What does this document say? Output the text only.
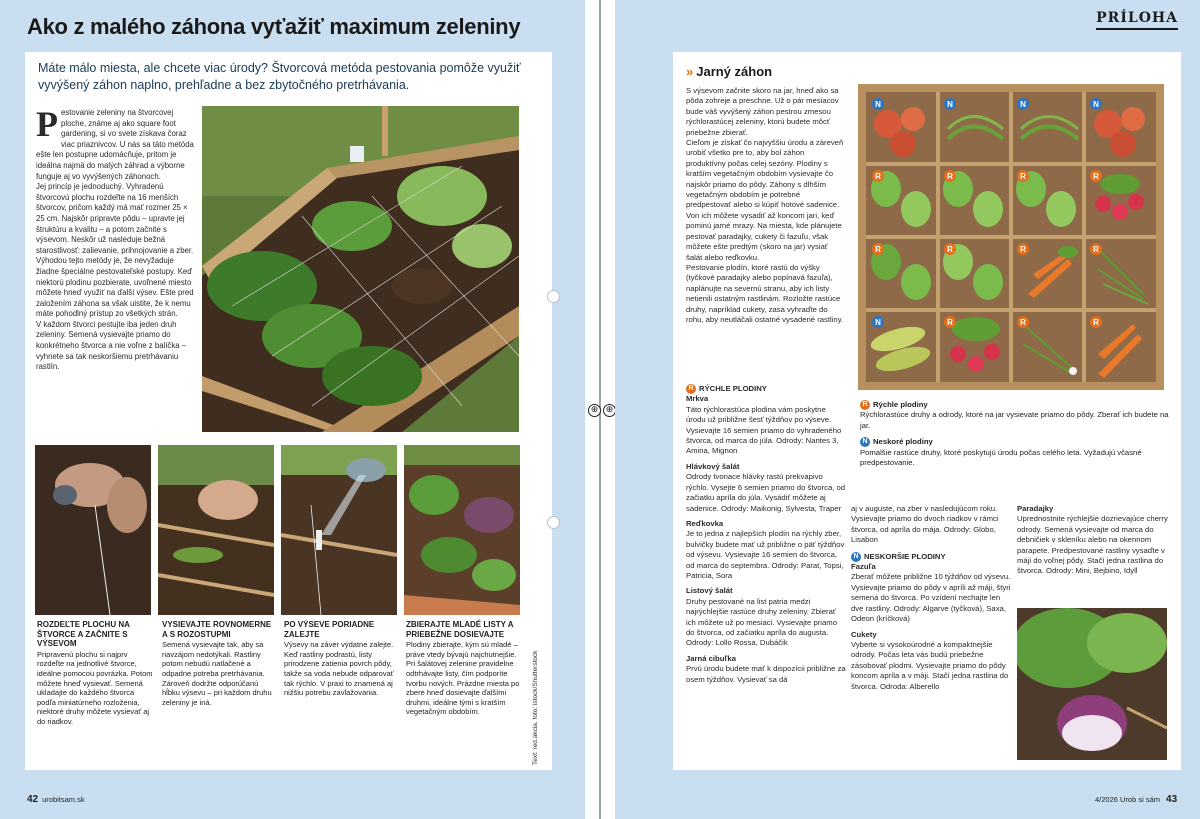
Ako z malého záhona vyťažiť maximum zeleniny
Máte málo miesta, ale chcete viac úrody? Štvorcová metóda pestovania pomôže využiť vyvýšený záhon naplno, prehľadne a bez zbytočného pretrhávania.
Pestovanie zeleniny na štvorcovej ploche, známe aj ako square foot gardening, si vo svete získava čoraz viac priaznivcov. U nás sa táto metóda ešte len postupne udomácňuje, pritom je ideálna najmä do malých záhrad a výborne funguje aj vo vyvýšených záhonoch.

Jej princíp je jednoduchý. Vyhradenú štvorcovú plochu rozdeľte na 16 menších štvorcov, pričom každý má mať rozmer 25 × 25 cm. Najskôr pripravte pôdu – upravte jej štruktúru a kvalitu – a potom začnite s výsevom. Neskôr už nasleduje bežná starostlivosť: zalievanie, prihnojovanie a zber.

Výhodou tejto metódy je, že nevyžaduje žiadne špeciálne pestovateľské postupy. Keď niektorú plodinu pozbierate, uvoľnené miesto môžete hneď využiť na ďalší výsev. Ešte pred založením záhona sa však uistite, že k nemu máte pohodlný prístup zo všetkých strán.

V každom štvorci pestujte iba jeden druh zeleniny. Semená vysievajte priamo do konkrétneho štvorca a nie voľne z balíčka – vyhnete sa tak neskoršiemu pretrhávaniu rastlín.

ROZDEĽTE PLOCHU NA ŠTVORCE A ZAČNITE S VÝSEVOM

Pripravenú plochu si najprv rozdeľte na jednotlivé štvorce, ideálne pomocou povrázka. Potom môžete hneď vysievať. Semená ukladajte do každého štvorca podľa miniatúrneho rozloženia, niektoré druhy môžete vysievať aj do riadkov.

VYSIEVAJTE ROVNOMERNE A S ROZOSTUPMI

Semená vysievajte tak, aby sa navzájom nedotýkali. Rastliny potom nebudú natlačené a odpadne potreba pretrhávania. Zároveň dodržte odporúčanú hĺbku výsevu – pri každom druhu zeleniny je iná.

PO VÝSEVE PORIADNE ZALEJTE

Výsevy na záver výdatne zalejte. Keď rastliny podrastú, listy prirodzene zatienia povrch pôdy, takže sa voda nebude odparovať tak rýchlo. V praxi to znamená aj nižšiu potrebu zavlažovania.

ZBIERAJTE MLADÉ LISTY A PRIEBEŽNE DOSIEVAJTE

Plodiny zbierajte, kým sú mladé – práve vtedy bývajú najchutnejšie. Pri šalátovej zelenine pravidelne odtrhávajte listy, čím podporíte tvorbu nových. Prázdne miesta po zbere hneď dosievajte ďalšími druhmi, ideálne tými s kratším vegetačným obdobím.	Text: red.akcia, foto: istock/Shutterstock
42 urobitsam.sk
⊕ ⊕
PRÍLOHA
» Jarný záhon

S výsevom začnite skoro na jar, hneď ako sa pôda zohreje a preschne. Už o pár mesiacov bude váš vyvýšený záhon pestrou zmesou rýchlorastúcej zeleniny, ktorú budete môcť priebežne zbierať.

Cieľom je získať čo najvyššiu úrodu a záreveň urobiť všetko pre to, aby bol záhon produktívny počas celej sezóny. Plodiny s kratším vegetačným obdobím vysievajte čo najskôr priamo do pôdy. Záhony s dlhším vegetačným obdobím je potrebné predpestovať alebo si kúpiť hotové sadenice.

Von ich môžete vysadiť až koncom jari, keď pominú jarné mrazy. Na miesta, kde plánujete pestovať paradajky, cukety či fazuľu, však môžete ešte predtým (skoro na jar) vysiať šalát alebo reďkovku.

Pestovanie plodín, ktoré rastú do výšky (tyčkové paradajky alebo popínavá fazuľa), naplánujte na severnú stranu, aby ich listy netienili ostatným rastlinám. Rozložte rastúce druhy, napríklad cukety, zasa vyhraďte do rohu, aby neutláčali ostatné vysadené rastliny.

N	N	N	N
R	R	R	R
R	R	R	R
N	R	R	R
R Rýchle plodiny
Rýchlorastúce druhy a odrody, ktoré na jar vysievate priamo do pôdy. Zberať ich budete na jar.
N Neskoré plodiny
Pomalšie rastúce druhy, ktoré poskytujú úrodu počas celého leta. Vyžadujú včasné predpestovanie.
R RÝCHLE PLODINY
Mrkva

Táto rýchlorastúca plodina vám poskytne úrodu už približne šesť týždňov po výseve. Vysievajte 16 semien priamo do vyhradeného štvorca, od marca do júla. Odrody: Nantes 3, Amina, Mignon

Hlávkový šalát

Odrody tvoriace hlávky rastú prekvapivo rýchlo. Vysejte 6 semien priamo do štvorca, od začiatku apríla do júla. Vysádiť môžete aj sadenice. Odrody: Maikonig, Sylvesta, Traper

Reďkovka

Je to jedna z najlepších plodín na rýchly zber, bulvičky budete mať už približne o päť týždňov od výsevu. Vysievajte 16 semien do štvorca, od marca do septembra. Odrody: Parat, Topsi, Patricia, Sora

Listový šalát

Druhy pestované na list patria medzi najrýchlejšie rastúce druhy zeleniny. Zbierať ich môžete už po mesiaci. Vysievajte priamo do štvorca, od začiatku apríla do augusta. Odrody: Lollo Rossa, Dubáčik

Jarná cibuľka

Prvú úrodu budete mať k dispozícii približne za osem týždňov. Vysievať sa dá

aj v auguste, na zber v nasledujúcom roku. Vysievajte priamo do dvoch riadkov v rámci štvorca, od apríla do mája. Odrody: Globo, Lisabon

N NESKORŠIE PLODINY
Fazuľa

Zberať môžete približne 10 týždňov od výsevu. Vysievajte priamo do pôdy v apríli až máji, štyri semená do štvorca. Po vzídení nechajte len dve rastliny. Odrody: Algarve (tyčková), Saxa, Odeon (kríčková)

Cukety

Vyberte si vysokoúrodné a kompaktnejšie odrody. Počas leta vás budú priebežne zásobovať plodmi. Vysievajte priamo do pôdy koncom apríla a v máji. Stačí jedna rastlina do štvorca. Odroda: Alberello

Paradajky

Uprednostnite rýchlejšie dozrievajúce cherry odrody. Semená vysievajte od marca do debničiek v skleníku alebo na okennom parapete. Predpestované rastliny vysaďte v máji do voľnej pôdy. Stačí jedna rastlina do štvorca. Odrody: Mini, Bejbino, Idyll

4/2026 Urob si sám 43
